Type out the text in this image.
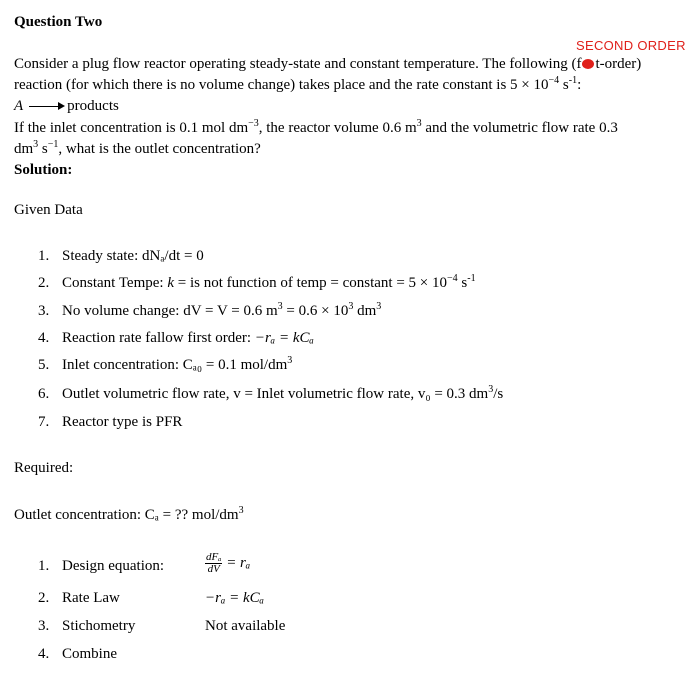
Question Two
SECOND ORDER
Consider a plug flow reactor operating steady-state and constant temperature. The following (f t-order)
reaction (for which there is no volume change) takes place and the rate constant is $5 \times 10^{-4}$ $s^{-1}$:
A → products
If the inlet concentration is 0.1 mol $dm^{-3}$, the reactor volume 0.6 $m^3$ and the volumetric flow rate 0.3
$dm^3$ $s^{-1}$, what is the outlet concentration?
Solution:
Given Data
1. Steady state: dNₐ/dt = 0
2. Constant Tempe: k = is not function of temp = constant = $5 \times 10^{-4}$ $s^{-1}$
3. No volume change: dV = V = 0.6 $m^3 = 0.6 \times 10^3$ $dm^3$
4. Reaction rate fallow first order: −rₐ = kCₐ
5. Inlet concentration: Cₐ₀ = 0.1 mol/$dm^3$
6. Outlet volumetric flow rate, v = Inlet volumetric flow rate, v₀ = 0.3 $dm^3/s$
7. Reactor type is PFR
Required:
Outlet concentration: Cₐ = ?? mol/$dm^3$
1. Design equation:	$\frac{\text{dFₐ}}{dV} = r_a$
2. Rate Law	−rₐ = kCₐ
3. Stichometry	Not available
4. Combine
